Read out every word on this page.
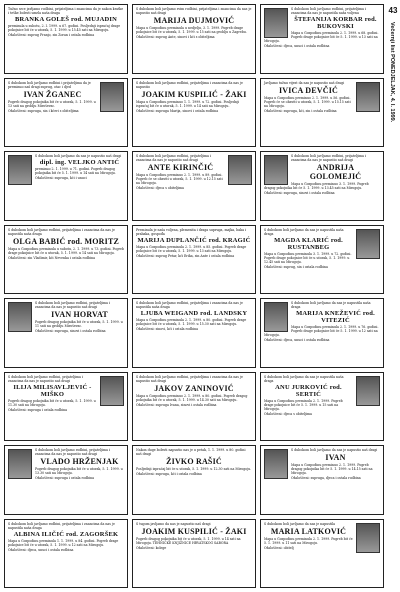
Tužno srce javljamo rodbini, prijateljima i znancima da je nakon kratke i teške bolesti umrla naša draga
BRANKA GOLEŠ rod. MUJADIN
preminula u subotu, 2. I. 1999. u 67. godini. Posljednji ispraćaj drage pokojnice bit će u utorak, 5. 1. 1999. u 15.45 sati na Mirogoju.
Ožalošćeni: suprug Franjo, sin Zoran i ostala rodbina
S dubokom boli javljamo svim rodbini, prijateljima i znancima da nas je napustio naš dragi
MARIJA DUJMOVIĆ
Mapa u Gospodinu preminula u nedjelju, 3. 1. 1999. Pogreb drage pokojnice bit će u utorak, 5. 1. 1999. u 15 sati na groblju u Zagrebu.
Ožalošćeni: suprug Ante, sinovi i kći s obiteljima
S dubokom boli javljamo rodbini, prijateljima i znancima da nas je napustila naša voljena
ŠTEFANIJA KORBAR rod. BUKOVSKI
Mapa u Gospodinu preminula 2. 1. 1999. u 68. godini. Pogreb drage pokojnice bit će 5. 1. 1999. u 13 sati na Mirogoju.
Ožalošćeni: djeca, unuci i ostala rodbina
S dubokom boli javljamo rodbini i prijateljima da je preminuo naš dragi suprug, otac i djed
IVAN ŽGANEC
Pogreb dragog pokojnika bit će u utorak, 5. 1. 1999. u 13 sati na groblju Miroševac.
Ožalošćeni: supruga, sin i kćeri s obiteljima
S dubokom boli javljamo rodbini, prijateljima i znancima da nas je napustio
JOAKIM KUSPILIĆ - ŽAKI
Mapa u Gospodinu preminuo 1. 1. 1999. u 72. godini. Posljednji ispraćaj bit će u utorak, 5. 1. 1999. u 14 sati na Mirogoju.
Ožalošćeni: supruga Marija, sinovi i ostala rodbina
Javljamo tužnu vijest da nas je napustio naš dragi
IVICA DEVČIĆ
Mapa u Gospodinu preminuo 2. 1. 1999. u 56. godini. Pogreb će se obaviti u utorak, 5. 1. 1999. u 15.15 sati na Mirogoju.
Ožalošćeni: supruga, kći, sin i ostala rodbina
S dubokom boli javljamo da nas je napustio naš dragi
dipl. ing. VELJKO ANTIĆ
preminuo 2. 1. 1999. u 71. godini. Pogreb dragog pokojnika bit će 5. 1. 1999. u 14 sati na Mirogoju.
Ožalošćeni: supruga, kći i unuci
S dubokom boli javljamo rodbini, prijateljima i znancima da nas je napustio naš dragi
ANTE KIRINČIĆ
Mapa u Gospodinu preminuo 2. 1. 1999. u 89. godini. Pogreb će se obaviti u utorak, 5. 1. 1999. u 12.15 sati na Mirogoju.
Ožalošćeni: djeca s obiteljima
S dubokom boli javljamo rodbini, prijateljima i znancima da nas je napustio naš dragi
ANDRIJA GOLOMEJIĆ
Mapa u Gospodinu preminuo 3. 1. 1999. Pogreb dragog pokojnika bit će 5. 1. 1999. u 13.45 sati na Mirogoju.
Ožalošćeni: supruga, sinovi i ostala rodbina
S dubokom boli javljamo rodbini, prijateljima i znancima da nas je napustila naša draga
OLGA BABIĆ rod. MORITZ
Mapa u Gospodinu preminula u subotu, 2. 1. 1999. u 73. godini. Pogreb drage pokojnice bit će u utorak, 5. 1. 1999. u 14 sati na Mirogoju.
Ožalošćeni: sin Vladimir, kći Nevenka i ostala rodbina
Preminula je naša voljena, plemenita i draga supruga, majka, baka i prabaka, gospođa
MARIJA DUPLANČIĆ rod. KRAGIĆ
Mapa u Gospodinu preminula 2. 1. 1999. u 85. godini. Pogreb drage pokojnice bit će u utorak, 5. 1. 1999. u 13 sati na Mirogoju.
Ožalošćeni: suprug Petar, kći Erika, sin Ante i ostala rodbina
S dubokom boli javljamo da nas je napustila naša draga
MAGDA KLARIĆ rod. RUSTANBEG
Mapa u Gospodinu preminula 3. 1. 1999. u 72. godini. Pogreb drage pokojnice bit će u utorak, 5. 1. 1999. u 12.45 sati na Mirogoju.
Ožalošćeni: suprug, sin i ostala rodbina
S dubokom boli javljamo rodbini, prijateljima i znancima da nas je napustio naš dragi
IVAN HORVAT
Pogreb dragog pokojnika bit će u utorak, 5. 1. 1999. u 11 sati na groblju Miroševac.
Ožalošćeni: supruga, sinovi i ostala rodbina
S dubokom boli javljamo rodbini, prijateljima i znancima da nas je napustila naša draga
LJUBA WEIGAND rod. LANDSKY
Mapa u Gospodinu preminula 2. 1. 1999. u 80. godini. Pogreb drage pokojnice bit će u utorak, 5. 1. 1999. u 15.30 sati na Mirogoju.
Ožalošćeni: sinovi, kći i ostala rodbina
S dubokom boli javljamo da nas je napustila naša draga
MARIJA KNEŽEVIĆ rod. VITEZIĆ
Mapa u Gospodinu preminula 2. 1. 1999. u 76. godini. Pogreb drage pokojnice bit će 5. 1. 1999. u 12 sati na Mirogoju.
Ožalošćeni: djeca, unuci i ostala rodbina
S dubokom boli javljamo rodbini, prijateljima i znancima da nas je napustio naš dragi
ILIJA MILISAVLJEVIĆ - MIŠKO
Pogreb dragog pokojnika bit će u utorak, 5. 1. 1999. u 11.30 sati na Mirogoju.
Ožalošćeni: supruga i ostala rodbina
S dubokom boli javljamo rodbini, prijateljima i znancima da nas je napustio naš dragi
JAKOV ZANINOVIĆ
Mapa u Gospodinu preminuo 2. 1. 1999. u 80. godini. Pogreb dragog pokojnika bit će u utorak, 5. 1. 1999. u 14.30 sati na Mirogoju.
Ožalošćeni: supruga Ivana, sinovi i ostala rodbina
S dubokom boli javljamo da nas je napustila naša draga
ANU JURKOVIĆ rod. SERTIĆ
Mapa u Gospodinu preminula 2. 1. 1999. Pogreb drage pokojnice bit će 5. 1. 1999. u 15 sati na Mirogoju.
Ožalošćeni: djeca s obiteljima
S dubokom boli javljamo rodbini, prijateljima i znancima da nas je napustio naš dragi
VLADO HRŽENJAK
Pogreb dragog pokojnika bit će u utorak, 5. 1. 1999. u 13.30 sati na Mirogoju.
Ožalošćeni: supruga i ostala rodbina
Nakon duge bolesti napustio nas je u petak, 1. 1. 1999. u 80. godini naš dragi
ŽIVKO RAŠIĆ
Posljednji ispraćaj bit će u utorak, 5. 1. 1999. u 12.30 sati na Mirogoju.
Ožalošćeni: supruga, kći i ostala rodbina
S dubokom boli javljamo da nas je napustio naš dragi
IVAN
Mapa u Gospodinu preminuo 2. 1. 1999. Pogreb dragog pokojnika bit će 5. 1. 1999. u 14.15 sati na Mirogoju.
Ožalošćeni: supruga, djeca i ostala rodbina
S dubokom boli javljamo rodbini, prijateljima i znancima da nas je napustila naša draga
ALBINA ILIČIĆ rod. ZAGORŠEK
Mapa u Gospodinu preminula 1. 1. 1999. u 84. godini. Pogreb drage pokojnice bit će u utorak, 5. 1. 1999. u 12 sati na Mirogoju.
Ožalošćeni: djeca, unuci i ostala rodbina
S tugom javljamo da nas je napustio naš dragi
JOAKIM KUSPILIĆ - ŽAKI
Pogreb dragog pokojnika bit će u utorak, 5. 1. 1999. u 14 sati na Mirogoju. TEHNIČKE KNJIŽNICE HRVATSKOG SABORA
Ožalošćeni: kolege
S dubokom boli javljamo da nas je napustila
MARIA LATKOVIĆ
Mapa u Gospodinu preminula 2. 1. 1999. Pogreb bit će 5. 1. 1999. u 11 sati na Mirogoju.
Ožalošćeni: obitelj
43
Večernji list PONEDJELJAK, 4. I. 1999.
